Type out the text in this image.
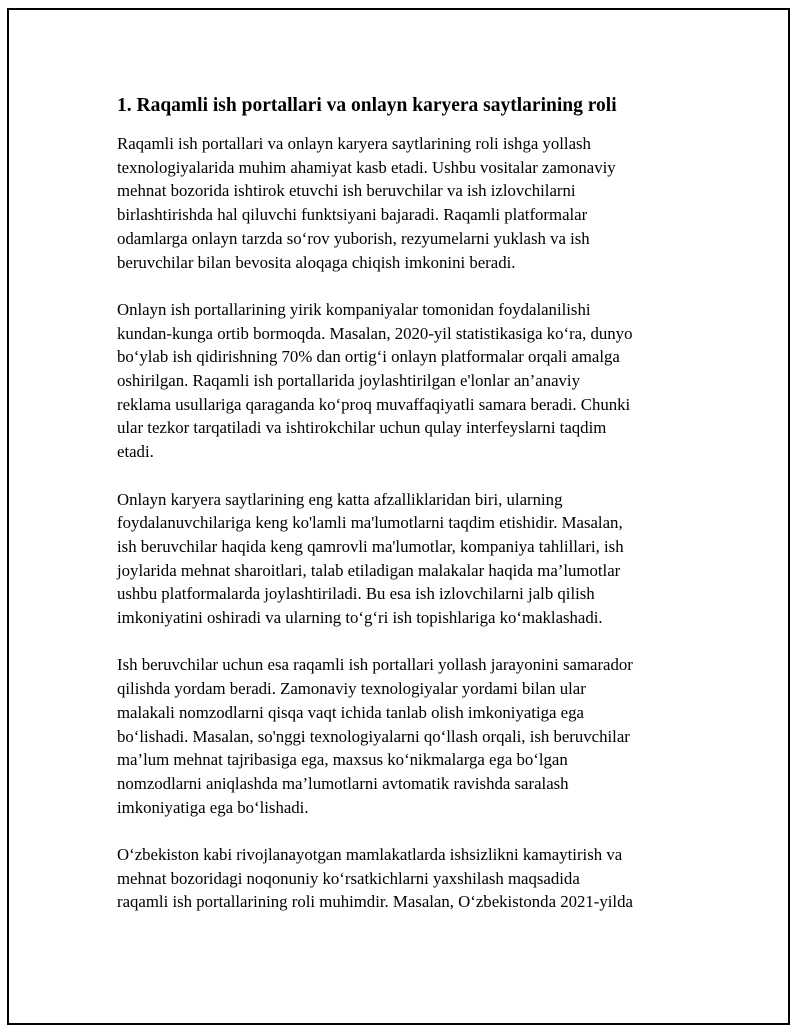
1. Raqamli ish portallari va onlayn karyera saytlarining roli

Raqamli ish portallari va onlayn karyera saytlarining roli ishga yollash
texnologiyalarida muhim ahamiyat kasb etadi. Ushbu vositalar zamonaviy
mehnat bozorida ishtirok etuvchi ish beruvchilar va ish izlovchilarni
birlashtirishda hal qiluvchi funktsiyani bajaradi. Raqamli platformalar
odamlarga onlayn tarzda so‘rov yuborish, rezyumelarni yuklash va ish
beruvchilar bilan bevosita aloqaga chiqish imkonini beradi.

Onlayn ish portallarining yirik kompaniyalar tomonidan foydalanilishi
kundan-kunga ortib bormoqda. Masalan, 2020-yil statistikasiga ko‘ra, dunyo
bo‘ylab ish qidirishning 70% dan ortig‘i onlayn platformalar orqali amalga
oshirilgan. Raqamli ish portallarida joylashtirilgan e'lonlar an’anaviy
reklama usullariga qaraganda ko‘proq muvaffaqiyatli samara beradi. Chunki
ular tezkor tarqatiladi va ishtirokchilar uchun qulay interfeyslarni taqdim
etadi.

Onlayn karyera saytlarining eng katta afzalliklaridan biri, ularning
foydalanuvchilariga keng ko'lamli ma'lumotlarni taqdim etishidir. Masalan,
ish beruvchilar haqida keng qamrovli ma'lumotlar, kompaniya tahlillari, ish
joylarida mehnat sharoitlari, talab etiladigan malakalar haqida ma’lumotlar
ushbu platformalarda joylashtiriladi. Bu esa ish izlovchilarni jalb qilish
imkoniyatini oshiradi va ularning to‘g‘ri ish topishlariga ko‘maklashadi.

Ish beruvchilar uchun esa raqamli ish portallari yollash jarayonini samarador
qilishda yordam beradi. Zamonaviy texnologiyalar yordami bilan ular
malakali nomzodlarni qisqa vaqt ichida tanlab olish imkoniyatiga ega
bo‘lishadi. Masalan, so'nggi texnologiyalarni qo‘llash orqali, ish beruvchilar
ma’lum mehnat tajribasiga ega, maxsus ko‘nikmalarga ega bo‘lgan
nomzodlarni aniqlashda ma’lumotlarni avtomatik ravishda saralash
imkoniyatiga ega bo‘lishadi.

O‘zbekiston kabi rivojlanayotgan mamlakatlarda ishsizlikni kamaytirish va
mehnat bozoridagi noqonuniy ko‘rsatkichlarni yaxshilash maqsadida
raqamli ish portallarining roli muhimdir. Masalan, O‘zbekistonda 2021-yilda
